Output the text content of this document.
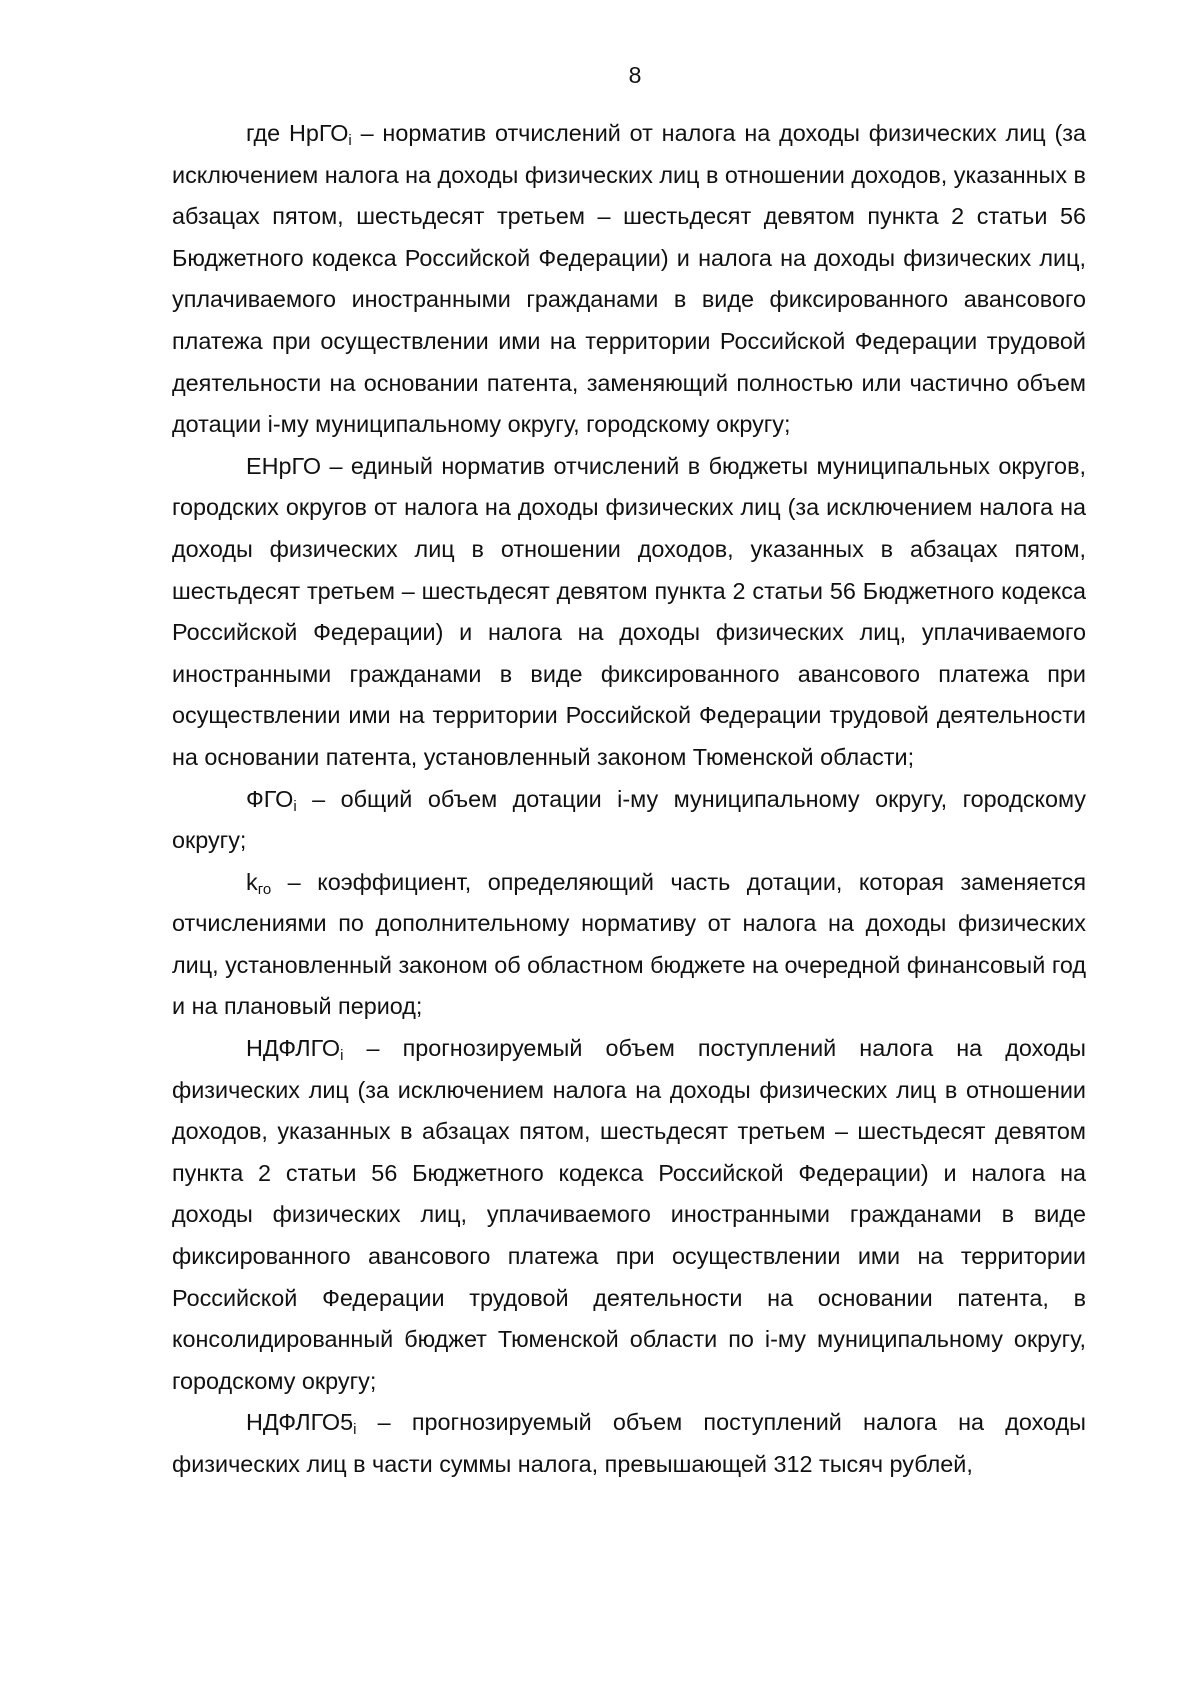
8

где НрГО$_i$ – норматив отчислений от налога на доходы физических лиц (за исключением налога на доходы физических лиц в отношении доходов, указанных в абзацах пятом, шестьдесят третьем – шестьдесят девятом пункта 2 статьи 56 Бюджетного кодекса Российской Федерации) и налога на доходы физических лиц, уплачиваемого иностранными гражданами в виде фиксированного авансового платежа при осуществлении ими на территории Российской Федерации трудовой деятельности на основании патента, заменяющий полностью или частично объем дотации i-му муниципальному округу, городскому округу;

ЕНрГО – единый норматив отчислений в бюджеты муниципальных округов, городских округов от налога на доходы физических лиц (за исключением налога на доходы физических лиц в отношении доходов, указанных в абзацах пятом, шестьдесят третьем – шестьдесят девятом пункта 2 статьи 56 Бюджетного кодекса Российской Федерации) и налога на доходы физических лиц, уплачиваемого иностранными гражданами в виде фиксированного авансового платежа при осуществлении ими на территории Российской Федерации трудовой деятельности на основании патента, установленный законом Тюменской области;

$ФГО_i$ – общий объем дотации i-му муниципальному округу, городскому округу;

$k_{го}$ – коэффициент, определяющий часть дотации, которая заменяется отчислениями по дополнительному нормативу от налога на доходы физических лиц, установленный законом об областном бюджете на очередной финансовый год и на плановый период;

$НДФЛГО_i$ – прогнозируемый объем поступлений налога на доходы физических лиц (за исключением налога на доходы физических лиц в отношении доходов, указанных в абзацах пятом, шестьдесят третьем – шестьдесят девятом пункта 2 статьи 56 Бюджетного кодекса Российской Федерации) и налога на доходы физических лиц, уплачиваемого иностранными гражданами в виде фиксированного авансового платежа при осуществлении ими на территории Российской Федерации трудовой деятельности на основании патента, в консолидированный бюджет Тюменской области по i-му муниципальному округу, городскому округу;

$НДФЛГО5_i$ – прогнозируемый объем поступлений налога на доходы физических лиц в части суммы налога, превышающей 312 тысяч рублей,
